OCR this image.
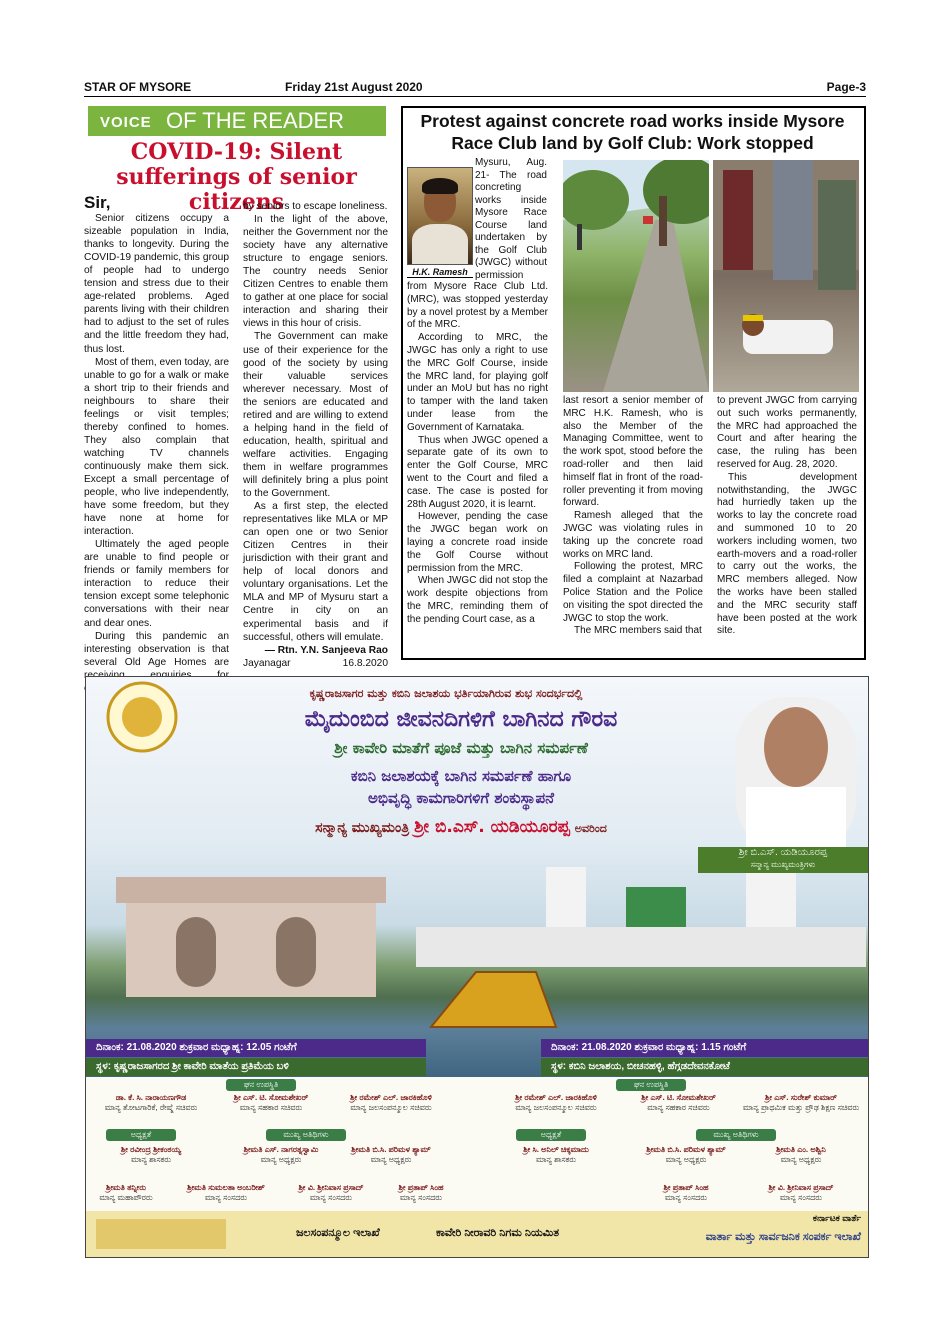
STAR OF MYSORE	Friday 21st August 2020	Page-3
VOICE OF THE READER
COVID-19: Silent sufferings of senior citizens

Sir,

Senior citizens occupy a sizeable population in India, thanks to longevity. During the COVID-19 pandemic, this group of people had to undergo tension and stress due to their age-related problems. Aged parents living with their children had to adjust to the set of rules and the little freedom they had, thus lost.

Most of them, even today, are unable to go for a walk or make a short trip to their friends and neighbours to share their feelings or visit temples; thereby confined to homes. They also complain that watching TV channels continuously make them sick. Except a small percentage of people, who live independently, have some freedom, but they have none at home for interaction.

Ultimately the aged people are unable to find people or friends or family members for interaction to reduce their tension except some telephonic conversations with their near and dear ones.

During this pandemic an interesting observation is that several Old Age Homes are

by seniors to escape loneliness.

In the light of the above, neither the Government nor the society have any alternative structure to engage seniors. The country needs Senior Citizen Centres to enable them to gather at one place for social interaction and sharing their views in this hour of crisis.

The Government can make use of their experience for the good of the society by using their valuable services wherever necessary. Most of the seniors are educated and retired and are willing to extend a helping hand in the field of education, health, spiritual and welfare activities. Engaging them in welfare programmes will definitely bring a plus point to the Government.

As a first step, the elected representatives like MLA or MP can open one or two Senior Citizen Centres in their jurisdiction with their grant and help of local donors and voluntary organisations. Let the MLA and MP of Mysuru start a Centre in city on an experimental basis and if successful, others will emulate.

— Rtn. Y.N. Sanjeeva Rao

Jayanagar	16.8.2020

Protest against concrete road works inside Mysore Race Club land by Golf Club: Work stopped
H.K. Ramesh
Mysuru, Aug. 21- The road concreting works inside Mysore Race Course land undertaken by the Golf Club (JWGC) without permission

from Mysore Race Club Ltd. (MRC), was stopped yesterday by a novel protest by a Member of the MRC.

According to MRC, the JWGC has only a right to use the MRC Golf Course, inside the MRC land, for playing golf under an MoU but has no right to tamper with the land taken under lease from the Government of Karnataka.

Thus when JWGC opened a separate gate of its own to enter the Golf Course, MRC went to the Court and filed a case. The case is posted for 28th August 2020, it is learnt.

However, pending the case the JWGC began work on laying a concrete road inside the Golf Course without permission from the MRC.

When JWGC did not stop the work despite objections from the MRC, reminding them of the pending Court case, as a

last resort a senior member of MRC H.K. Ramesh, who is also the Member of the Managing Committee, went to the work spot, stood before the road-roller and then laid himself flat in front of the road-roller preventing it from moving forward.

Ramesh alleged that the JWGC was violating rules in taking up the concrete road works on MRC land.

Following the protest, MRC filed a complaint at Nazarbad Police Station and the Police on visiting the spot directed the JWGC to stop the work.

The MRC members said that

to prevent JWGC from carrying out such works permanently, the MRC had approached the Court and after hearing the case, the ruling has been reserved for Aug. 28, 2020.

This development notwithstanding, the JWGC had hurriedly taken up the works to lay the concrete road and summoned 10 to 20 workers including women, two earth-movers and a road-roller to carry out the works, the MRC members alleged. Now the works have been stalled and the MRC security staff have been posted at the work site.

ಕೃಷ್ಣರಾಜಸಾಗರ ಮತ್ತು ಕಬಿನಿ ಜಲಾಶಯ ಭರ್ತಿಯಾಗಿರುವ ಶುಭ ಸಂದರ್ಭದಲ್ಲಿ
ಮೈದುಂಬಿದ ಜೀವನದಿಗಳಿಗೆ ಬಾಗಿನದ ಗೌರವ
ಶ್ರೀ ಕಾವೇರಿ ಮಾತೆಗೆ ಪೂಜೆ ಮತ್ತು ಬಾಗಿನ ಸಮರ್ಪಣೆ
ಕಬಿನಿ ಜಲಾಶಯಕ್ಕೆ ಬಾಗಿನ ಸಮರ್ಪಣೆ ಹಾಗೂ
ಅಭಿವೃದ್ಧಿ ಕಾಮಗಾರಿಗಳಿಗೆ ಶಂಕುಸ್ಥಾಪನೆ
ಸನ್ಮಾನ್ಯ ಮುಖ್ಯಮಂತ್ರಿ ಶ್ರೀ ಬಿ.ಎಸ್. ಯಡಿಯೂರಪ್ಪ ಅವರಿಂದ
ಶ್ರೀ ಬಿ.ಎಸ್. ಯಡಿಯೂರಪ್ಪ
ಸನ್ಮಾನ್ಯ ಮುಖ್ಯಮಂತ್ರಿಗಳು
ದಿನಾಂಕ: 21.08.2020 ಶುಕ್ರವಾರ ಮಧ್ಯಾಹ್ನ: 12.05 ಗಂಟೆಗೆ
ಸ್ಥಳ: ಕೃಷ್ಣರಾಜಸಾಗರದ ಶ್ರೀ ಕಾವೇರಿ ಮಾತೆಯ ಪ್ರತಿಮೆಯ ಬಳಿ
ದಿನಾಂಕ: 21.08.2020 ಶುಕ್ರವಾರ ಮಧ್ಯಾಹ್ನ: 1.15 ಗಂಟೆಗೆ
ಸ್ಥಳ: ಕಬಿನಿ ಜಲಾಶಯ, ಬೀಚನಹಳ್ಳಿ, ಹೆಗ್ಗಡದೇವನಕೋಟೆ
ಘನ ಉಪಸ್ಥಿತಿ	ಘನ ಉಪಸ್ಥಿತಿ
ಅಧ್ಯಕ್ಷತೆ	ಮುಖ್ಯ ಅತಿಥಿಗಳು	ಅಧ್ಯಕ್ಷತೆ	ಮುಖ್ಯ ಅತಿಥಿಗಳು
ಡಾ. ಕೆ. ಸಿ. ನಾರಾಯಣಗೌಡ
ಮಾನ್ಯ ತೋಟಗಾರಿಕೆ, ರೇಷ್ಮೆ ಸಚಿವರು
ಶ್ರೀ ಎಸ್. ಟಿ. ಸೋಮಶೇಖರ್
ಮಾನ್ಯ ಸಹಕಾರ ಸಚಿವರು
ಶ್ರೀ ರಮೇಶ್ ಎಲ್. ಜಾರಕಿಹೊಳಿ
ಮಾನ್ಯ ಜಲಸಂಪನ್ಮೂಲ ಸಚಿವರು
ಶ್ರೀ ರವೀಂದ್ರ ಶ್ರೀಕಂಠಯ್ಯ
ಮಾನ್ಯ ಶಾಸಕರು
ಶ್ರೀಮತಿ ಎಸ್. ನಾಗರತ್ನಸ್ವಾಮಿ
ಮಾನ್ಯ ಅಧ್ಯಕ್ಷರು
ಶ್ರೀಮತಿ ಬಿ.ಸಿ. ಪರಿಮಳ ಶ್ಯಾಮ್
ಮಾನ್ಯ ಅಧ್ಯಕ್ಷರು
ಶ್ರೀಮತಿ ತನ್ನೀರು
ಮಾನ್ಯ ಮಹಾಪೌರರು
ಶ್ರೀಮತಿ ಸುಮಲತಾ ಅಂಬರೀಶ್
ಮಾನ್ಯ ಸಂಸದರು
ಶ್ರೀ ವಿ. ಶ್ರೀನಿವಾಸ ಪ್ರಸಾದ್
ಮಾನ್ಯ ಸಂಸದರು
ಶ್ರೀ ಪ್ರತಾಪ್ ಸಿಂಹ
ಮಾನ್ಯ ಸಂಸದರು
ಶ್ರೀ ರಮೇಶ್ ಎಲ್. ಜಾರಕಿಹೊಳಿ
ಮಾನ್ಯ ಜಲಸಂಪನ್ಮೂಲ ಸಚಿವರು
ಶ್ರೀ ಎಸ್. ಟಿ. ಸೋಮಶೇಖರ್
ಮಾನ್ಯ ಸಹಕಾರ ಸಚಿವರು
ಶ್ರೀ ಎಸ್. ಸುರೇಶ್ ಕುಮಾರ್
ಮಾನ್ಯ ಪ್ರಾಥಮಿಕ ಮತ್ತು ಪ್ರೌಢ ಶಿಕ್ಷಣ ಸಚಿವರು
ಶ್ರೀ ಸಿ. ಅನಿಲ್ ಚಿಕ್ಕಮಾದು
ಮಾನ್ಯ ಶಾಸಕರು
ಶ್ರೀಮತಿ ಬಿ.ಸಿ. ಪರಿಮಳ ಶ್ಯಾಮ್
ಮಾನ್ಯ ಅಧ್ಯಕ್ಷರು
ಶ್ರೀಮತಿ ಎಂ. ಅಶ್ವಿನಿ
ಮಾನ್ಯ ಅಧ್ಯಕ್ಷರು
ಶ್ರೀ ಪ್ರತಾಪ್ ಸಿಂಹ
ಮಾನ್ಯ ಸಂಸದರು
ಶ್ರೀ ವಿ. ಶ್ರೀನಿವಾಸ ಪ್ರಸಾದ್
ಮಾನ್ಯ ಸಂಸದರು
ಜಲಸಂಪನ್ಮೂಲ ಇಲಾಖೆ	ಕಾವೇರಿ ನೀರಾವರಿ ನಿಗಮ ನಿಯಮಿತ
ಕರ್ನಾಟಕ ವಾರ್ತೆ
ವಾರ್ತಾ ಮತ್ತು ಸಾರ್ವಜನಿಕ ಸಂಪರ್ಕ ಇಲಾಖೆ
